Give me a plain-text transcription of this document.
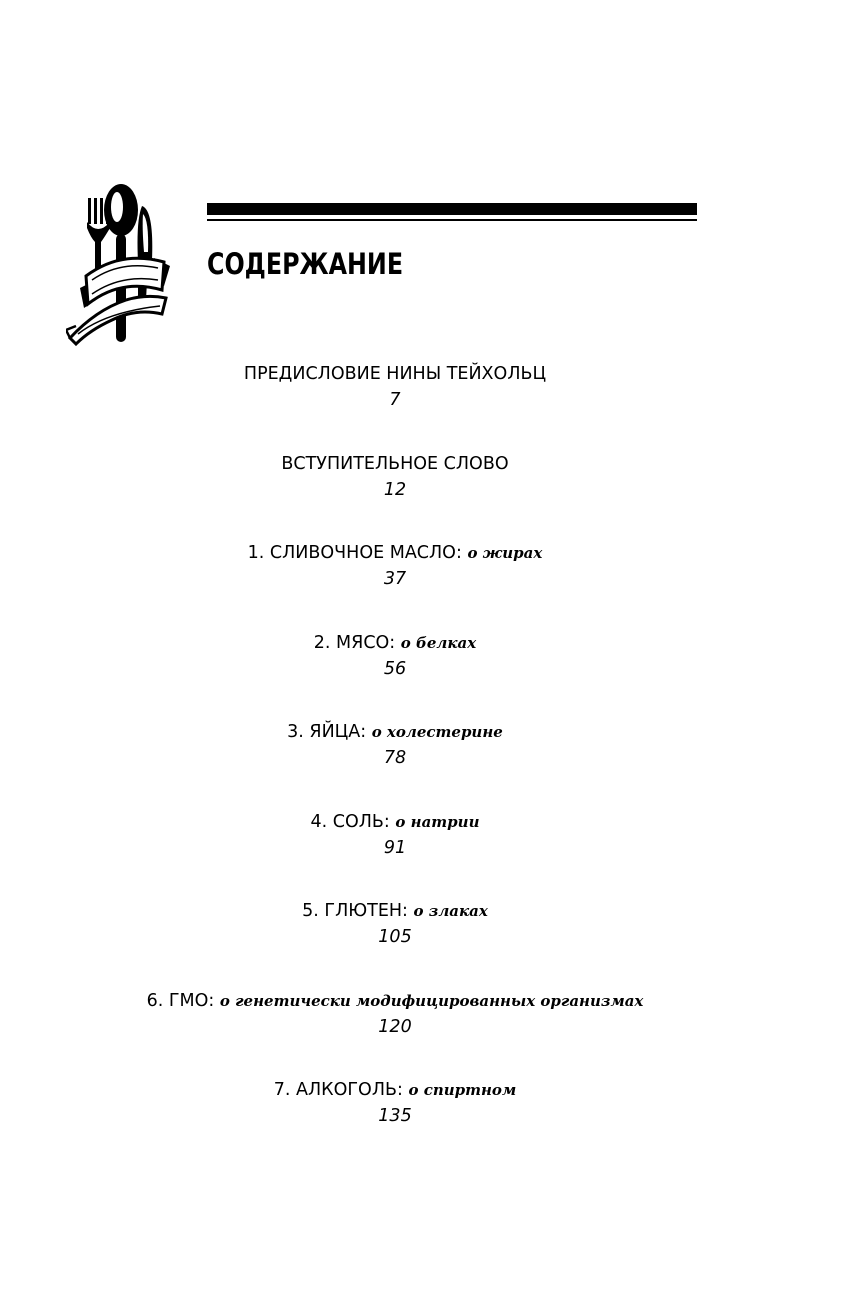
СОДЕРЖАНИЕ
ПРЕДИСЛОВИЕ НИНЫ ТЕЙХОЛЬЦ
7
ВСТУПИТЕЛЬНОЕ СЛОВО
12
1. СЛИВОЧНОЕ МАСЛО: о жирах
37
2. МЯСО: о белках
56
3. ЯЙЦА: о холестерине
78
4. СОЛЬ: о натрии
91
5. ГЛЮТЕН: о злаках
105
6. ГМО: о генетически модифицированных организмах
120
7. АЛКОГОЛЬ: о спиртном
135
